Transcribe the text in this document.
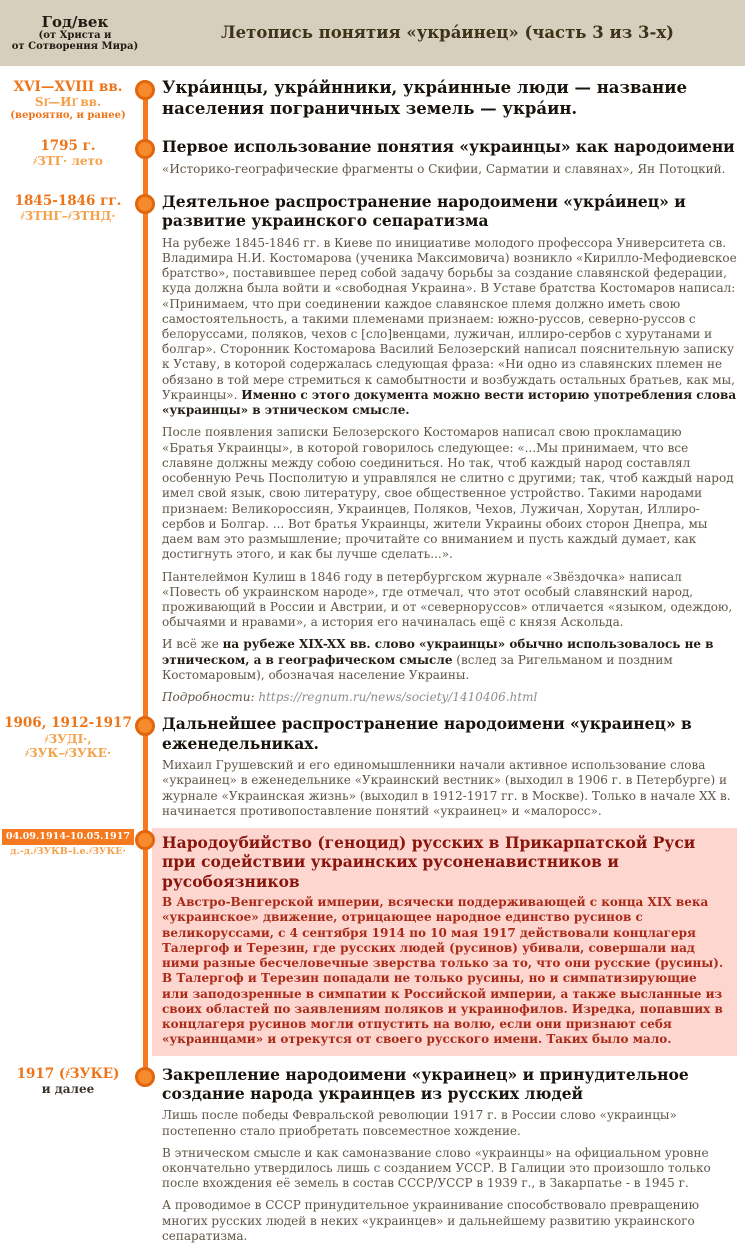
Год/век
(от Христа и
от Сотворения Мира)
Летопись понятия «укра́инец» (часть 3 из 3-х)
XVI—XVIII вв.
ЅІ҃—ИІ҃ вв.
(вероятно, и ранее)
Укра́инцы, укра́йнники, укра́инные люди — название населения пограничных земель — укра́ин.
1795 г.
҂ЗТГ· лето
Первое использование понятия «украинцы» как народоимени

«Историко-географические фрагменты о Скифии, Сарматии и славянах», Ян Потоцкий.

1845-1846 гг.
҂ЗТНГ–҂ЗТНД·
Деятельное распространение народоимени «укра́инец» и развитие украинского сепаратизма

На рубеже 1845-1846 гг. в Киеве по инициативе молодого профессора Университета св. Владимира Н.И. Костомарова (ученика Максимовича) возникло «Кирилло-Мефодиевское братство», поставившее перед собой задачу борьбы за создание славянской федерации, куда должна была войти и «свободная Украина». В Уставе братства Костомаров написал: «Принимаем, что при соединении каждое славянское племя должно иметь свою самостоятельность, а такими племенами признаем: южно-руссов, северно-руссов с белоруссами, поляков, чехов с [сло]венцами, лужичан, иллиро-сербов с хурутанами и болгар». Сторонник Костомарова Василий Белозерский написал пояснительную записку к Уставу, в которой содержалась следующая фраза: «Ни одно из славянских племен не обязано в той мере стремиться к самобытности и возбуждать остальных братьев, как мы, Украинцы». Именно с этого документа можно вести историю употребления слова «украинцы» в этническом смысле.

После появления записки Белозерского Костомаров написал свою прокламацию «Братья Украинцы», в которой говорилось следующее: «...Мы принимаем, что все славяне должны между собою соединиться. Но так, чтоб каждый народ составлял особенную Речь Посполитую и управлялся не слитно с другими; так, чтоб каждый народ имел свой язык, свою литературу, свое общественное устройство. Такими народами признаем: Великороссиян, Украинцев, Поляков, Чехов, Лужичан, Хорутан, Иллиро-сербов и Болгар. ... Вот братья Украинцы, жители Украины обоих сторон Днепра, мы даем вам это размышление; прочитайте со вниманием и пусть каждый думает, как достигнуть этого, и как бы лучше сделать...».

Пантелеймон Кулиш в 1846 году в петербургском журнале «Звёздочка» написал «Повесть об украинском народе», где отмечал, что этот особый славянский народ, проживающий в России и Австрии, и от «северноруссов» отличается «языком, одеждою, обычаями и нравами», а история его начиналась ещё с князя Аскольда.

И всё же на рубеже XIX-XX вв. слово «украинцы» обычно использовалось не в этническом, а в географическом смысле (вслед за Ригельманом и поздним Костомаровым), обозначая население Украины.

Подробности: https://regnum.ru/news/society/1410406.html

1906, 1912-1917
҂ЗУДІ·,
҂ЗУК–҂ЗУКЕ·
Дальнейшее распространение народоимени «украинец» в еженедельниках.

Михаил Грушевский и его единомышленники начали активное использование слова «украинец» в еженедельнике «Украинский вестник» (выходил в 1906 г. в Петербурге) и журнале «Украинская жизнь» (выходил в 1912-1917 гг. в Москве). Только в начале XX в. начинается противопоставление понятий «украинец» и «малоросс».

04.09.1914-10.05.1917
д.-д.҂ЗУКВ–і.е.҂ЗУКЕ·	Народоубийство (геноцид) русских в Прикарпатской Руси при содействии украинских русоненавистников и русобоязников

В Австро-Венгерской империи, всячески поддерживающей с конца XIX века «украинское» движение, отрицающее народное единство русинов с великоруссами, с 4 сентября 1914 по 10 мая 1917 действовали концлагеря Талергоф и Терезин, где русских людей (русинов) убивали, совершали над ними разные бесчеловечные зверства только за то, что они русские (русины). В Талергоф и Терезин попадали не только русины, но и симпатизирующие или заподозренные в симпатии к Российской империи, а также высланные из своих областей по заявлениям поляков и украинофилов. Изредка, попавших в концлагеря русинов могли отпустить на волю, если они признают себя «украинцами» и отрекутся от своего русского имени. Таких было мало.

1917 (҂ЗУКЕ)
и далее
Закрепление народоимени «украинец» и принудительное создание народа украинцев из русских людей

Лишь после победы Февральской революции 1917 г. в России слово «украинцы» постепенно стало приобретать повсеместное хождение.

В этническом смысле и как самоназвание слово «украинцы» на официальном уровне окончательно утвердилось лишь с созданием УССР. В Галиции это произошло только после вхождения её земель в состав СССР/УССР в 1939 г., в Закарпатье - в 1945 г.

А проводимое в СССР принудительное украинивание способствовало превращению многих русских людей в неких «украинцев» и дальнейшему развитию украинского сепаратизма.
